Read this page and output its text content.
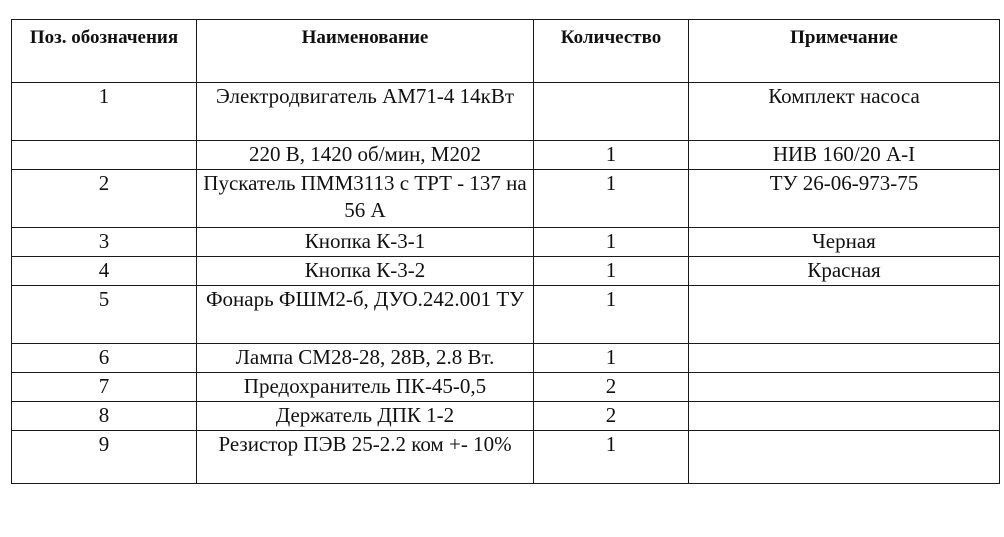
Поз. обозначения	Наименование	Количество	Примечание
1	Электродвигатель АМ71-4 14кВт		Комплект насоса
	220 В, 1420 об/мин, М202	1	НИВ 160/20 А-I
2	Пускатель ПММ3113 с ТРТ - 137 на 56 А	1	ТУ 26-06-973-75
3	Кнопка К-3-1	1	Черная
4	Кнопка К-3-2	1	Красная
5	Фонарь ФШМ2-б, ДУО.242.001 ТУ	1	
6	Лампа СМ28-28, 28В, 2.8 Вт.	1	
7	Предохранитель ПК-45-0,5	2	
8	Держатель ДПК 1-2	2	
9	Резистор ПЭВ 25-2.2 ком +- 10%	1	
